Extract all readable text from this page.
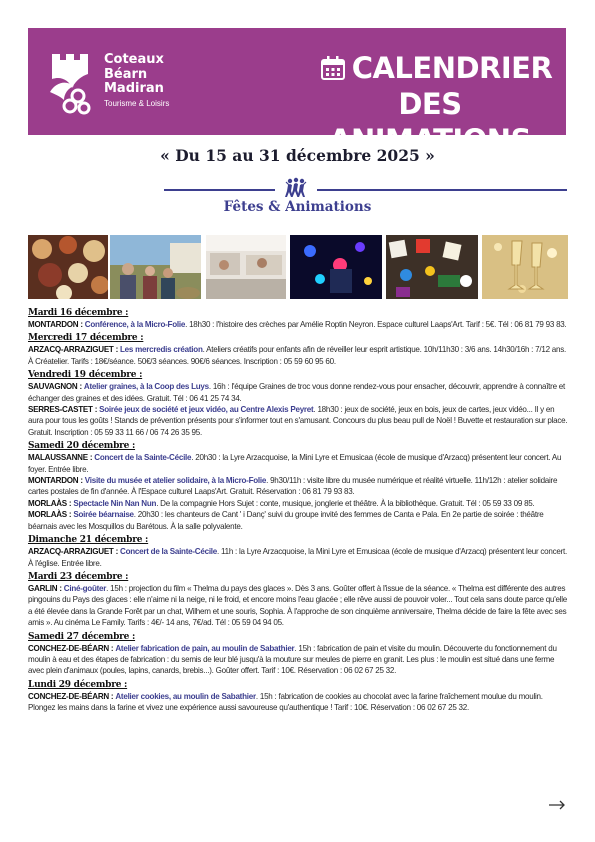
Coteaux
Béarn
Madiran
Tourisme & Loisirs
CALENDRIER
DES ANIMATIONS
« Du 15 au 31 décembre 2025 »
Fêtes & Animations
Mardi 16 décembre :

MONTARDON : Conférence, à la Micro-Folie. 18h30 : l'histoire des crèches par Amélie Roptin Neyron. Espace culturel Laaps'Art. Tarif : 5€. Tél : 06 81 79 93 83.

Mercredi 17 décembre :

ARZACQ-ARRAZIGUET : Les mercredis création. Ateliers créatifs pour enfants afin de réveiller leur esprit artistique. 10h/11h30 : 3/6 ans. 14h30/16h : 7/12 ans. À Créatelier. Tarifs : 18€/séance. 50€/3 séances. 90€/6 séances. Inscription : 05 59 60 95 60.

Vendredi 19 décembre :

SAUVAGNON : Atelier graines, à la Coop des Luys. 16h : l'équipe Graines de troc vous donne rendez-vous pour ensacher, découvrir, apprendre à connaître et échanger des graines et des idées. Gratuit. Tél : 06 41 25 74 34.

SERRES-CASTET : Soirée jeux de société et jeux vidéo, au Centre Alexis Peyret. 18h30 : jeux de société, jeux en bois, jeux de cartes, jeux vidéo... Il y en aura pour tous les goûts ! Stands de prévention présents pour s'informer tout en s'amusant. Concours du plus beau pull de Noël ! Buvette et restauration sur place. Gratuit. Inscription : 05 59 33 11 66 / 06 74 26 35 95.

Samedi 20 décembre :

MALAUSSANNE : Concert de la Sainte-Cécile. 20h30 : la Lyre Arzacquoise, la Mini Lyre et Emusicaa (école de musique d'Arzacq) présentent leur concert. Au foyer. Entrée libre.

MONTARDON : Visite du musée et atelier solidaire, à la Micro-Folie. 9h30/11h : visite libre du musée numérique et réalité virtuelle. 11h/12h : atelier solidaire cartes postales de fin d'année. À l'Espace culturel Laaps'Art. Gratuit. Réservation : 06 81 79 93 83.

MORLAÀS : Spectacle Nin Nan Nun. De la compagnie Hors Sujet : conte, musique, jonglerie et théâtre. À la bibliothèque. Gratuit. Tél : 05 59 33 09 85.

MORLAÀS : Soirée béarnaise. 20h30 : les chanteurs de Cant ' i Danç' suivi du groupe invité des femmes de Canta e Pala. En 2e partie de soirée : théâtre béarnais avec les Mosquillos du Barétous. À la salle polyvalente.

Dimanche 21 décembre :

ARZACQ-ARRAZIGUET : Concert de la Sainte-Cécile. 11h : la Lyre Arzacquoise, la Mini Lyre et Emusicaa (école de musique d'Arzacq) présentent leur concert. À l'église. Entrée libre.

Mardi 23 décembre :

GARLIN : Ciné-goûter. 15h : projection du film « Thelma du pays des glaces ». Dès 3 ans. Goûter offert à l'issue de la séance. « Thelma est différente des autres pingouins du Pays des glaces : elle n'aime ni la neige, ni le froid, et encore moins l'eau glacée ; elle rêve aussi de pouvoir voler... Tout cela sans doute parce qu'elle a été élevée dans la Grande Forêt par un chat, Wilhem et une souris, Sophia. À l'approche de son cinquième anniversaire, Thelma décide de faire la fête avec ses amis ». Au cinéma Le Family. Tarifs : 4€/- 14 ans, 7€/ad. Tél : 05 59 04 94 05.

Samedi 27 décembre :

CONCHEZ-DE-BÉARN : Atelier fabrication de pain, au moulin de Sabathier. 15h : fabrication de pain et visite du moulin. Découverte du fonctionnement du moulin à eau et des étapes de fabrication : du semis de leur blé jusqu'à la mouture sur meules de pierre en granit. Les plus : le moulin est situé dans une ferme avec plein d'animaux (poules, lapins, canards, brebis...). Goûter offert. Tarif : 10€. Réservation : 06 02 67 25 32.

Lundi 29 décembre :

CONCHEZ-DE-BÉARN : Atelier cookies, au moulin de Sabathier. 15h : fabrication de cookies au chocolat avec la farine fraîchement moulue du moulin. Plongez les mains dans la farine et vivez une expérience aussi savoureuse qu'authentique ! Tarif : 10€. Réservation : 06 02 67 25 32.
